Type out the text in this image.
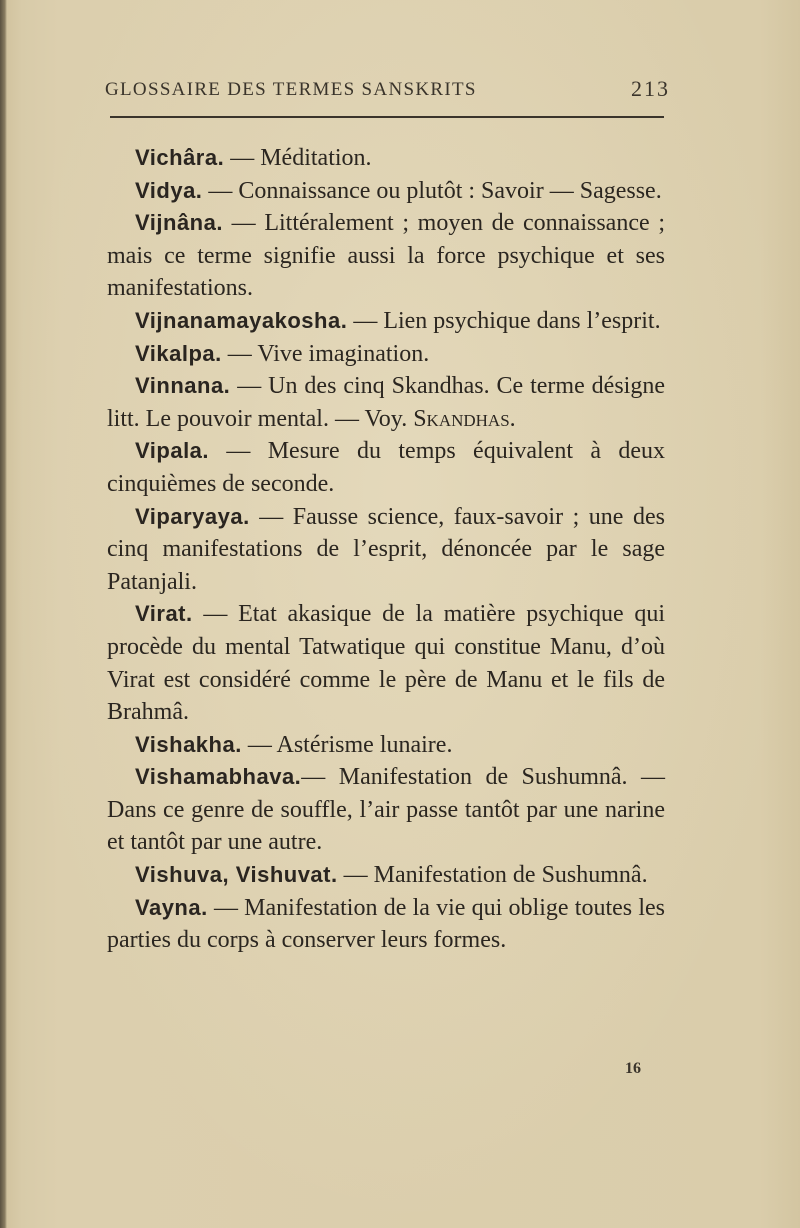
GLOSSAIRE DES TERMES SANSKRITS	213

Vichâra. — Méditation.

Vidya. — Connaissance ou plutôt : Savoir — Sagesse.

Vijnâna. — Littéralement ; moyen de connaissance ; mais ce terme signifie aussi la force psychique et ses manifestations.

Vijnanamayakosha. — Lien psychique dans l’esprit.

Vikalpa. — Vive imagination.

Vinnana. — Un des cinq Skandhas. Ce terme désigne litt. Le pouvoir mental. — Voy. Skandhas.

Vipala. — Mesure du temps équivalent à deux cinquièmes de seconde.

Viparyaya. — Fausse science, faux-savoir ; une des cinq manifestations de l’esprit, dénoncée par le sage Patanjali.

Virat. — Etat akasique de la matière psychique qui procède du mental Tatwatique qui constitue Manu, d’où Virat est considéré comme le père de Manu et le fils de Brahmâ.

Vishakha. — Astérisme lunaire.

Vishamabhava.— Manifestation de Sushumnâ. — Dans ce genre de souffle, l’air passe tantôt par une narine et tantôt par une autre.

Vishuva, Vishuvat. — Manifestation de Sushumnâ.

Vayna. — Manifestation de la vie qui oblige toutes les parties du corps à conserver leurs formes.

16
